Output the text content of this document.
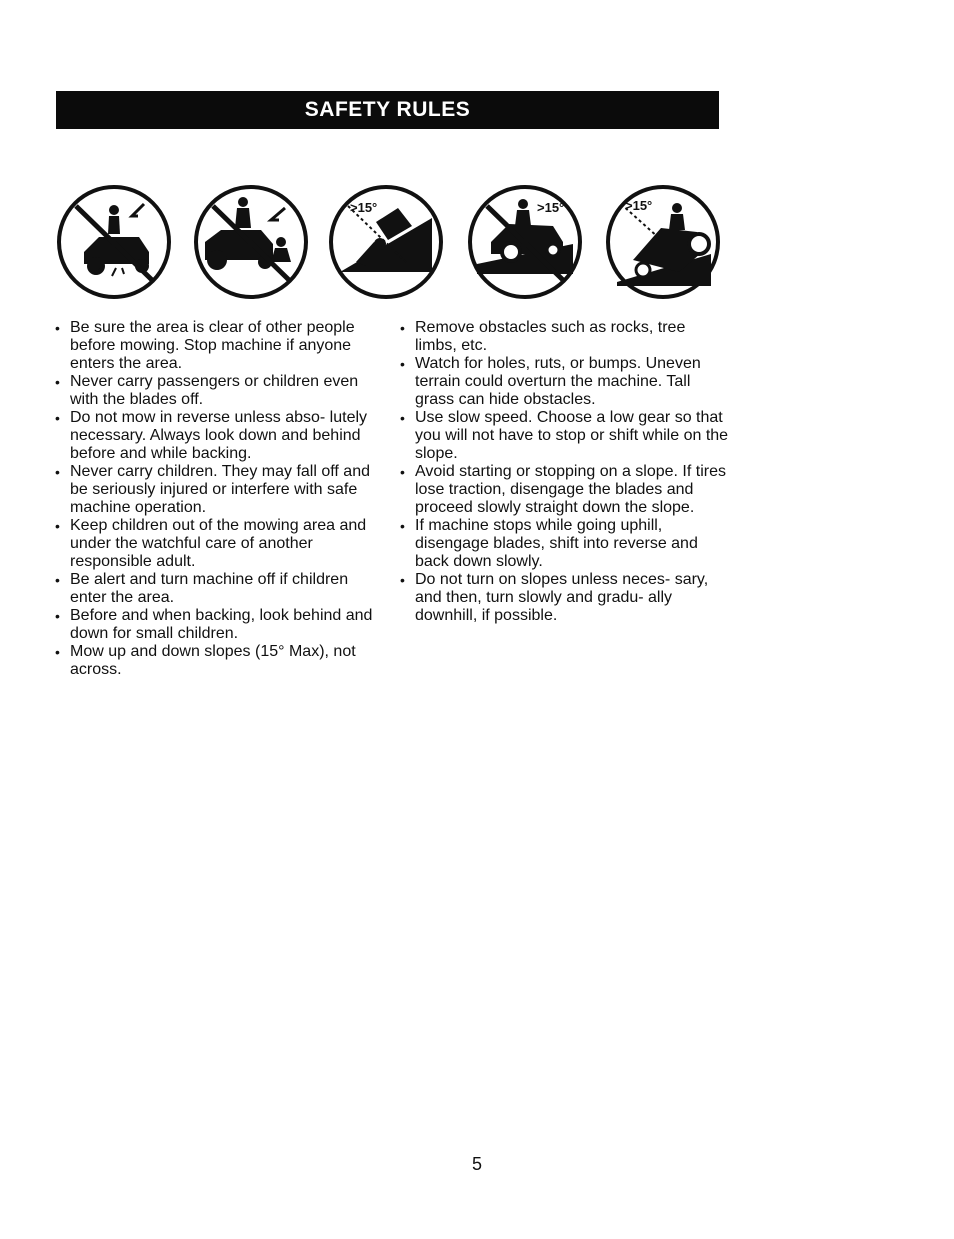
SAFETY RULES
>15°	>15°	>15°
• Be sure the area is clear of other people before mowing. Stop machine if anyone enters the area.
• Never carry passengers or children even with the blades off.
• Do not mow in reverse unless abso- lutely necessary. Always look down and behind before and while backing.
• Never carry children. They may fall off and be seriously injured or interfere with safe machine operation.
• Keep children out of the mowing area and under the watchful care of another responsible adult.
• Be alert and turn machine off if children enter the area.
• Before and when backing, look behind and down for small children.
• Mow up and down slopes (15° Max), not across.
• Remove obstacles such as rocks, tree limbs, etc.
• Watch for holes, ruts, or bumps. Uneven terrain could overturn the machine. Tall grass can hide obstacles.
• Use slow speed. Choose a low gear so that you will not have to stop or shift while on the slope.
• Avoid starting or stopping on a slope. If tires lose traction, disengage the blades and proceed slowly straight down the slope.
• If machine stops while going uphill, disengage blades, shift into reverse and back down slowly.
• Do not turn on slopes unless neces- sary, and then, turn slowly and gradu- ally downhill, if possible.
5
